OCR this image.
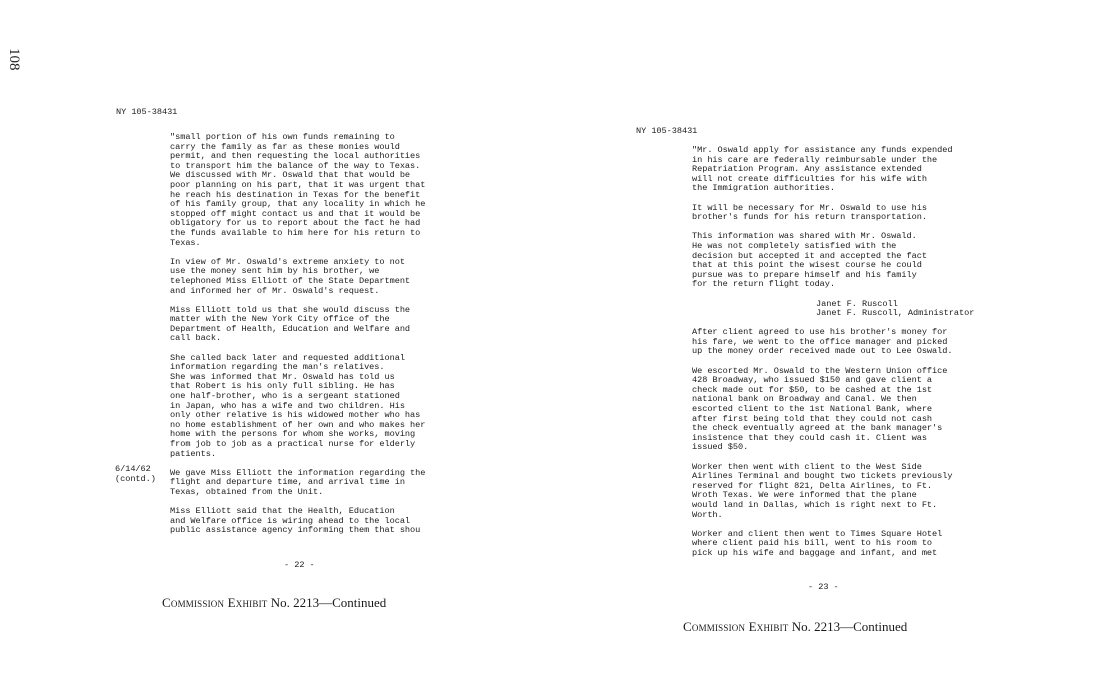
108
NY 105-38431

"small portion of his own funds remaining to
carry the family as far as these monies would
permit, and then requesting the local authorities
to transport him the balance of the way to Texas.
We discussed with Mr. Oswald that that would be
poor planning on his part, that it was urgent that
he reach his destination in Texas for the benefit
of his family group, that any locality in which he
stopped off might contact us and that it would be
obligatory for us to report about the fact he had
the funds available to him here for his return to
Texas.

In view of Mr. Oswald's extreme anxiety to not
use the money sent him by his brother, we
telephoned Miss Elliott of the State Department
and informed her of Mr. Oswald's request.

Miss Elliott told us that she would discuss the
matter with the New York City office of the
Department of Health, Education and Welfare and
call back.

She called back later and requested additional
information regarding the man's relatives.
She was informed that Mr. Oswald has told us
that Robert is his only full sibling. He has
one half-brother, who is a sergeant stationed
in Japan, who has a wife and two children. His
only other relative is his widowed mother who has
no home establishment of her own and who makes her
home with the persons for whom she works, moving
from job to job as a practical nurse for elderly
patients.

We gave Miss Elliott the information regarding the
flight and departure time, and arrival time in
Texas, obtained from the Unit.

Miss Elliott said that the Health, Education
and Welfare office is wiring ahead to the local
public assistance agency informing them that shou

6/14/62
(contd.)
- 22 -
Commission Exhibit No. 2213—Continued
NY 105-38431

"Mr. Oswald apply for assistance any funds expended
in his care are federally reimbursable under the
Repatriation Program. Any assistance extended
will not create difficulties for his wife with
the Immigration authorities.

It will be necessary for Mr. Oswald to use his
brother's funds for his return transportation.

This information was shared with Mr. Oswald.
He was not completely satisfied with the
decision but accepted it and accepted the fact
that at this point the wisest course he could
pursue was to prepare himself and his family
for the return flight today.

Janet F. Ruscoll
Janet F. Ruscoll, Administrator

After client agreed to use his brother's money for
his fare, we went to the office manager and picked
up the money order received made out to Lee Oswald.

We escorted Mr. Oswald to the Western Union office
428 Broadway, who issued $150 and gave client a
check made out for $50, to be cashed at the 1st
national bank on Broadway and Canal. We then
escorted client to the 1st National Bank, where
after first being told that they could not cash
the check eventually agreed at the bank manager's
insistence that they could cash it. Client was
issued $50.

Worker then went with client to the West Side
Airlines Terminal and bought two tickets previously
reserved for flight 821, Delta Airlines, to Ft.
Wroth Texas. We were informed that the plane
would land in Dallas, which is right next to Ft.
Worth.

Worker and client then went to Times Square Hotel
where client paid his bill, went to his room to
pick up his wife and baggage and infant, and met

- 23 -
Commission Exhibit No. 2213—Continued
